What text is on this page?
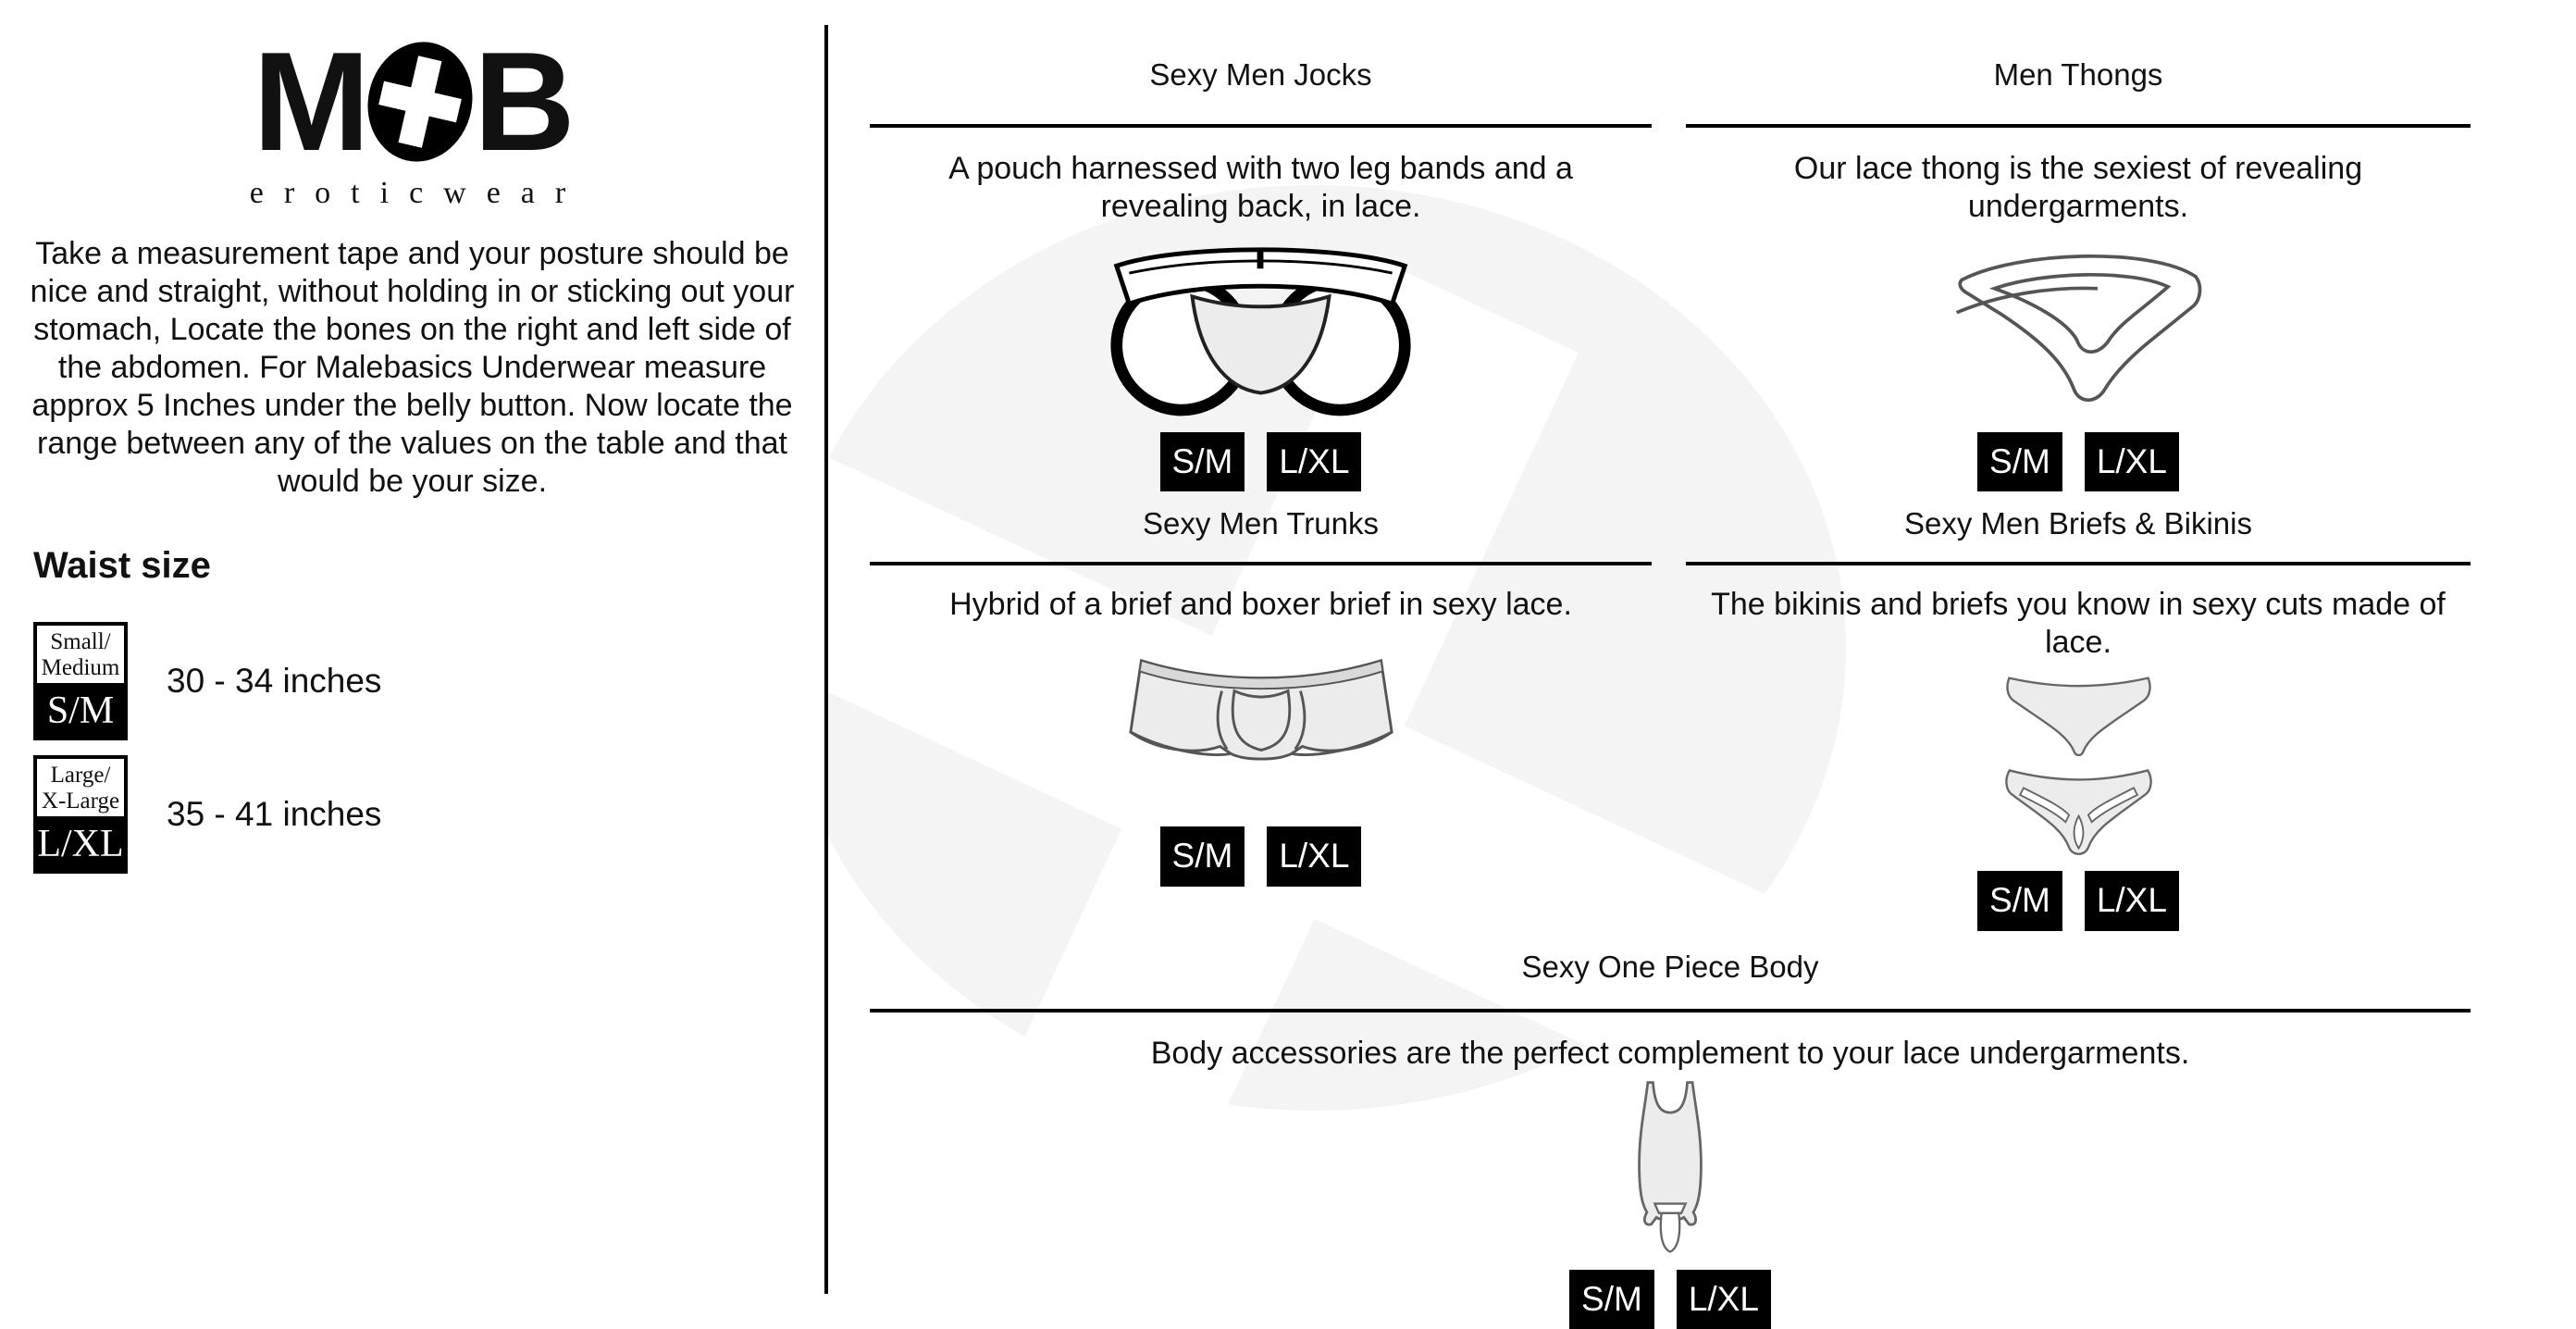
M B
eroticwear

Take a measurement tape and your posture should be nice and straight, without holding in or sticking out your stomach, Locate the bones on the right and left side of the abdomen. For Malebasics Underwear measure approx 5 Inches under the belly button. Now locate the range between any of the values on the table and that would be your size.

Waist size
Small/
Medium
S/M
30 - 34 inches
Large/
X-Large
L/XL
35 - 41 inches
Sexy Men Jocks
A pouch harnessed with two leg bands and a revealing back, in lace.
S/M	L/XL
Men Thongs
Our lace thong is the sexiest of revealing undergarments.
S/M	L/XL
Sexy Men Trunks
Hybrid of a brief and boxer brief in sexy lace.
S/M	L/XL
Sexy Men Briefs & Bikinis
The bikinis and briefs you know in sexy cuts made of lace.
S/M	L/XL
Sexy One Piece Body
Body accessories are the perfect complement to your lace undergarments.
S/M	L/XL
